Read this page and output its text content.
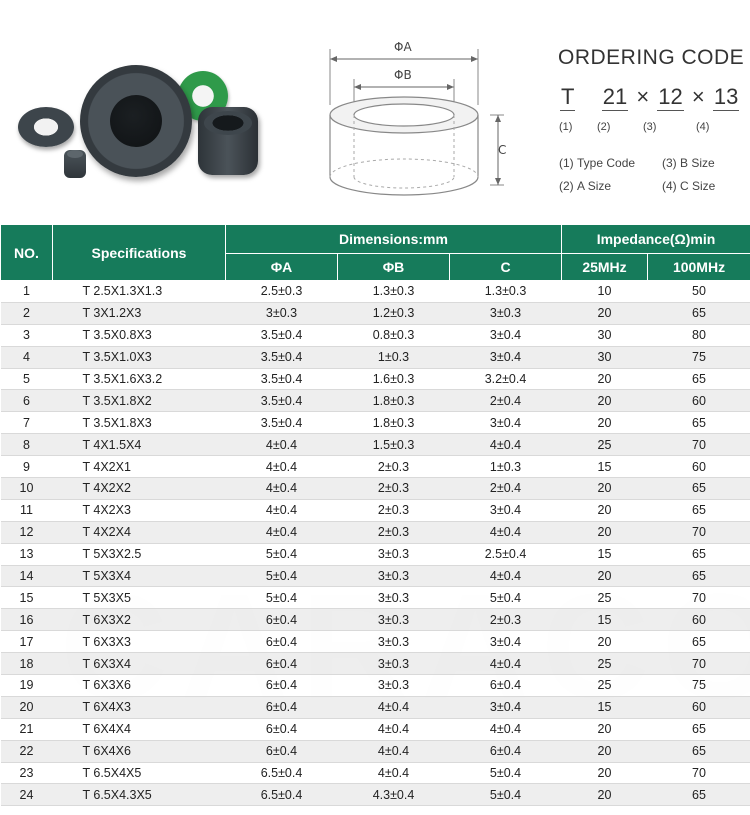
ΦA
ΦB
C
ORDERING CODE
T 21 × 12 × 13
(1) (2)	(3)	(4)
(1) Type Code (3) B Size
(2) A Size	(4) C Size
NO.	Specifications	Dimensions:mm			Impedance(Ω)min	
		ΦA	ΦB	C	25MHz	100MHz
1	T 2.5X1.3X1.3	2.5±0.3	1.3±0.3	1.3±0.3	10	50
2	T 3X1.2X3	3±0.3	1.2±0.3	3±0.3	20	65
3	T 3.5X0.8X3	3.5±0.4	0.8±0.3	3±0.4	30	80
4	T 3.5X1.0X3	3.5±0.4	1±0.3	3±0.4	30	75
5	T 3.5X1.6X3.2	3.5±0.4	1.6±0.3	3.2±0.4	20	65
6	T 3.5X1.8X2	3.5±0.4	1.8±0.3	2±0.4	20	60
7	T 3.5X1.8X3	3.5±0.4	1.8±0.3	3±0.4	20	65
8	T 4X1.5X4	4±0.4	1.5±0.3	4±0.4	25	70
9	T 4X2X1	4±0.4	2±0.3	1±0.3	15	60
10	T 4X2X2	4±0.4	2±0.3	2±0.4	20	65
11	T 4X2X3	4±0.4	2±0.3	3±0.4	20	65
12	T 4X2X4	4±0.4	2±0.3	4±0.4	20	70
13	T 5X3X2.5	5±0.4	3±0.3	2.5±0.4	15	65
14	T 5X3X4	5±0.4	3±0.3	4±0.4	20	65
15	T 5X3X5	5±0.4	3±0.3	5±0.4	25	70
16	T 6X3X2	6±0.4	3±0.3	2±0.3	15	60
17	T 6X3X3	6±0.4	3±0.3	3±0.4	20	65
18	T 6X3X4	6±0.4	3±0.3	4±0.4	25	70
19	T 6X3X6	6±0.4	3±0.3	6±0.4	25	75
20	T 6X4X3	6±0.4	4±0.4	3±0.4	15	60
21	T 6X4X4	6±0.4	4±0.4	4±0.4	20	65
22	T 6X4X6	6±0.4	4±0.4	6±0.4	20	65
23	T 6.5X4X5	6.5±0.4	4±0.4	5±0.4	20	70
24	T 6.5X4.3X5	6.5±0.4	4.3±0.4	5±0.4	20	65
